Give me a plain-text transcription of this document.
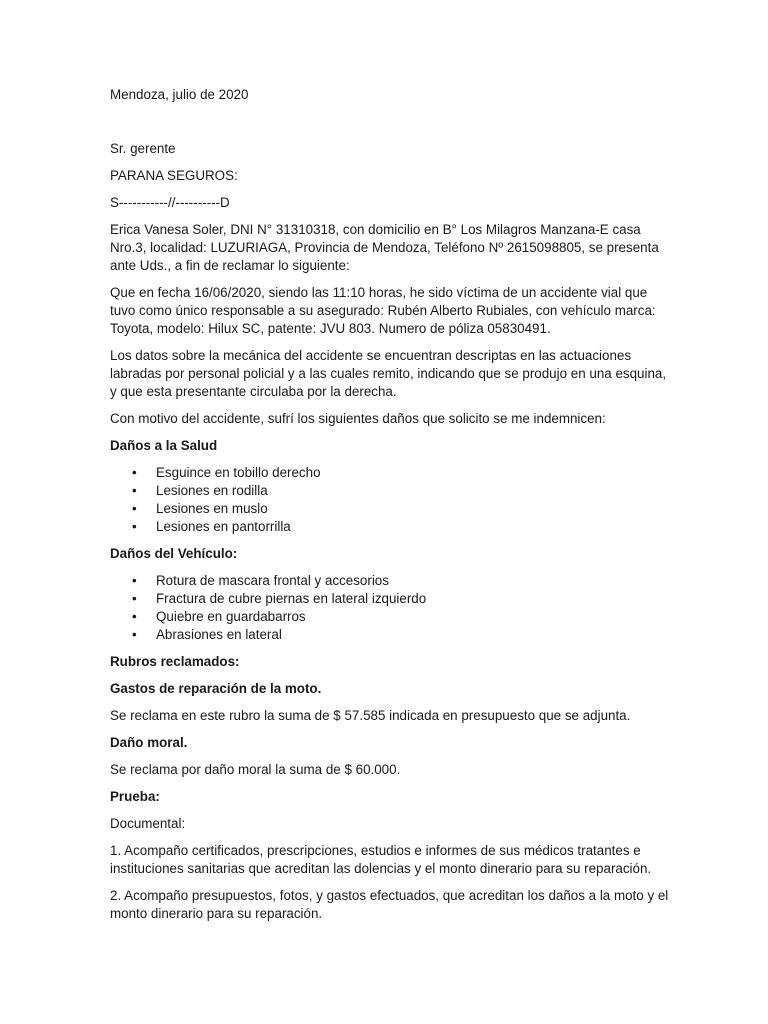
Mendoza, julio de 2020

Sr. gerente

PARANA SEGUROS:

S-----------//----------D

Erica Vanesa Soler, DNI N° 31310318, con domicilio en B° Los Milagros Manzana-E casa Nro.3, localidad: LUZURIAGA, Provincia de Mendoza, Teléfono Nº 2615098805, se presenta ante Uds., a fin de reclamar lo siguiente:

Que en fecha 16/06/2020, siendo las 11:10 horas, he sido víctima de un accidente vial que tuvo como único responsable a su asegurado: Rubén Alberto Rubiales, con vehículo marca: Toyota, modelo: Hilux SC, patente: JVU 803. Numero de póliza 05830491.

Los datos sobre la mecánica del accidente se encuentran descriptas en las actuaciones labradas por personal policial y a las cuales remito, indicando que se produjo en una esquina, y que esta presentante circulaba por la derecha.

Con motivo del accidente, sufrí los siguientes daños que solicito se me indemnicen:

Daños a la Salud

• Esguince en tobillo derecho
• Lesiones en rodilla
• Lesiones en muslo
• Lesiones en pantorrilla

Daños del Vehículo:

• Rotura de mascara frontal y accesorios
• Fractura de cubre piernas en lateral izquierdo
• Quiebre en guardabarros
• Abrasiones en lateral

Rubros reclamados:

Gastos de reparación de la moto.

Se reclama en este rubro la suma de $ 57.585 indicada en presupuesto que se adjunta.

Daño moral.

Se reclama por daño moral la suma de $ 60.000.

Prueba:

Documental:

1. Acompaño certificados, prescripciones, estudios e informes de sus médicos tratantes e instituciones sanitarias que acreditan las dolencias y el monto dinerario para su reparación.

2. Acompaño presupuestos, fotos, y gastos efectuados, que acreditan los daños a la moto y el monto dinerario para su reparación.
